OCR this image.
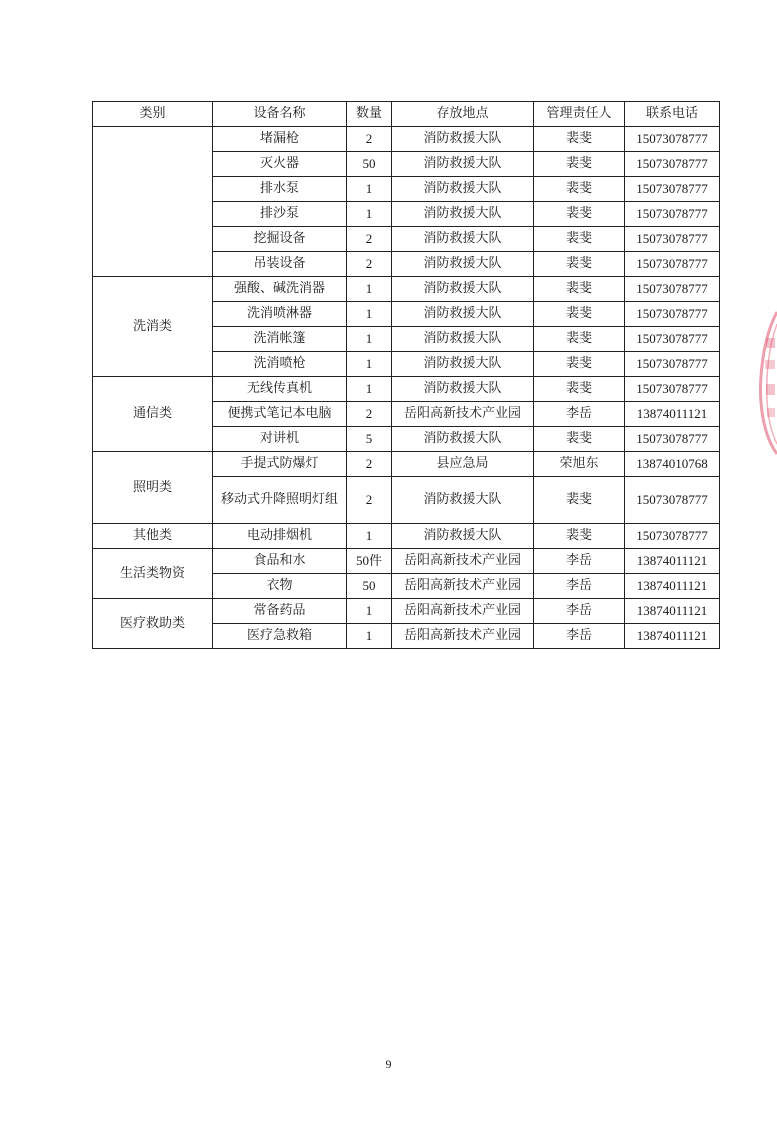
类别	设备名称	数量	存放地点	管理责任人	联系电话
	堵漏枪	2	消防救援大队	裴斐	15073078777
	灭火器	50	消防救援大队	裴斐	15073078777
	排水泵	1	消防救援大队	裴斐	15073078777
	排沙泵	1	消防救援大队	裴斐	15073078777
	挖掘设备	2	消防救援大队	裴斐	15073078777
	吊装设备	2	消防救援大队	裴斐	15073078777
洗消类	强酸、碱洗消器	1	消防救援大队	裴斐	15073078777
	洗消喷淋器	1	消防救援大队	裴斐	15073078777
	洗消帐篷	1	消防救援大队	裴斐	15073078777
	洗消喷枪	1	消防救援大队	裴斐	15073078777
通信类	无线传真机	1	消防救援大队	裴斐	15073078777
	便携式笔记本电脑	2	岳阳高新技术产业园	李岳	13874011121
	对讲机	5	消防救援大队	裴斐	15073078777
照明类	手提式防爆灯	2	县应急局	荣旭东	13874010768
	移动式升降照明灯组	2	消防救援大队	裴斐	15073078777
其他类	电动排烟机	1	消防救援大队	裴斐	15073078777
生活类物资	食品和水	50件	岳阳高新技术产业园	李岳	13874011121
	衣物	50	岳阳高新技术产业园	李岳	13874011121
医疗救助类	常备药品	1	岳阳高新技术产业园	李岳	13874011121
	医疗急救箱	1	岳阳高新技术产业园	李岳	13874011121
9
